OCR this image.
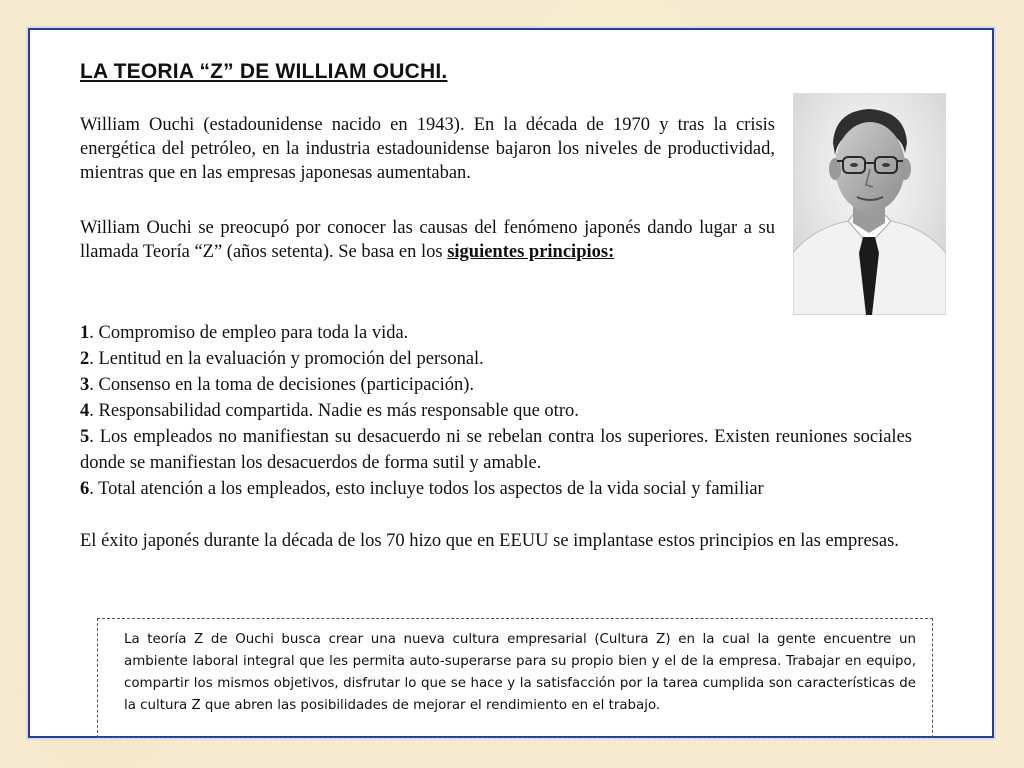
LA TEORIA “Z” DE WILLIAM OUCHI.

William Ouchi (estadounidense nacido en 1943). En la década de 1970 y tras la crisis energética del petróleo, en la industria estadounidense bajaron los niveles de productividad, mientras que en las empresas japonesas aumentaban.

William Ouchi se preocupó por conocer las causas del fenómeno japonés dando lugar a su llamada Teoría “Z” (años setenta). Se basa en los siguientes principios:

1. Compromiso de empleo para toda la vida.
2. Lentitud en la evaluación y promoción del personal.
3. Consenso en la toma de decisiones (participación).
4. Responsabilidad compartida. Nadie es más responsable que otro.
5. Los empleados no manifiestan su desacuerdo ni se rebelan contra los superiores. Existen reuniones sociales donde se manifiestan los desacuerdos de forma sutil y amable.
6. Total atención a los empleados, esto incluye todos los aspectos de la vida social y familiar

El éxito japonés durante la década de los 70 hizo que en EEUU se implantase estos principios en las empresas.

La teoría Z de Ouchi busca crear una nueva cultura empresarial (Cultura Z) en la cual la gente encuentre un ambiente laboral integral que les permita auto-superarse para su propio bien y el de la empresa. Trabajar en equipo, compartir los mismos objetivos, disfrutar lo que se hace y la satisfacción por la tarea cumplida son características de la cultura Z que abren las posibilidades de mejorar el rendimiento en el trabajo.
